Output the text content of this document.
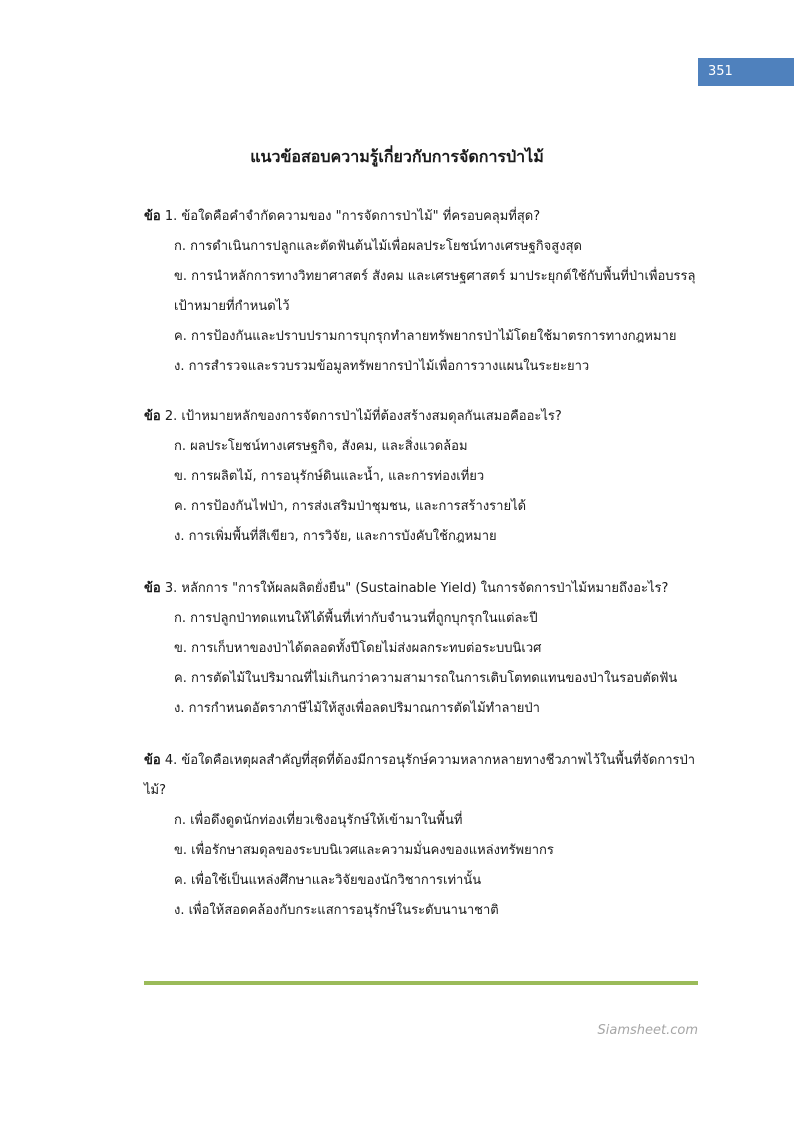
351
แนวข้อสอบความรู้เกี่ยวกับการจัดการป่าไม้
ข้อ 1. ข้อใดคือคำจำกัดความของ "การจัดการป่าไม้" ที่ครอบคลุมที่สุด?
ก. การดำเนินการปลูกและตัดฟันต้นไม้เพื่อผลประโยชน์ทางเศรษฐกิจสูงสุด
ข. การนำหลักการทางวิทยาศาสตร์ สังคม และเศรษฐศาสตร์ มาประยุกต์ใช้กับพื้นที่ป่าเพื่อบรรลุเป้าหมายที่กำหนดไว้
ค. การป้องกันและปราบปรามการบุกรุกทำลายทรัพยากรป่าไม้โดยใช้มาตรการทางกฎหมาย
ง. การสำรวจและรวบรวมข้อมูลทรัพยากรป่าไม้เพื่อการวางแผนในระยะยาว
ข้อ 2. เป้าหมายหลักของการจัดการป่าไม้ที่ต้องสร้างสมดุลกันเสมอคืออะไร?
ก. ผลประโยชน์ทางเศรษฐกิจ, สังคม, และสิ่งแวดล้อม
ข. การผลิตไม้, การอนุรักษ์ดินและน้ำ, และการท่องเที่ยว
ค. การป้องกันไฟป่า, การส่งเสริมป่าชุมชน, และการสร้างรายได้
ง. การเพิ่มพื้นที่สีเขียว, การวิจัย, และการบังคับใช้กฎหมาย
ข้อ 3. หลักการ "การให้ผลผลิตยั่งยืน" (Sustainable Yield) ในการจัดการป่าไม้หมายถึงอะไร?
ก. การปลูกป่าทดแทนให้ได้พื้นที่เท่ากับจำนวนที่ถูกบุกรุกในแต่ละปี
ข. การเก็บหาของป่าได้ตลอดทั้งปีโดยไม่ส่งผลกระทบต่อระบบนิเวศ
ค. การตัดไม้ในปริมาณที่ไม่เกินกว่าความสามารถในการเติบโตทดแทนของป่าในรอบตัดฟัน
ง. การกำหนดอัตราภาษีไม้ให้สูงเพื่อลดปริมาณการตัดไม้ทำลายป่า
ข้อ 4. ข้อใดคือเหตุผลสำคัญที่สุดที่ต้องมีการอนุรักษ์ความหลากหลายทางชีวภาพไว้ในพื้นที่จัดการป่าไม้?
ก. เพื่อดึงดูดนักท่องเที่ยวเชิงอนุรักษ์ให้เข้ามาในพื้นที่
ข. เพื่อรักษาสมดุลของระบบนิเวศและความมั่นคงของแหล่งทรัพยากร
ค. เพื่อใช้เป็นแหล่งศึกษาและวิจัยของนักวิชาการเท่านั้น
ง. เพื่อให้สอดคล้องกับกระแสการอนุรักษ์ในระดับนานาชาติ
Siamsheet.com
